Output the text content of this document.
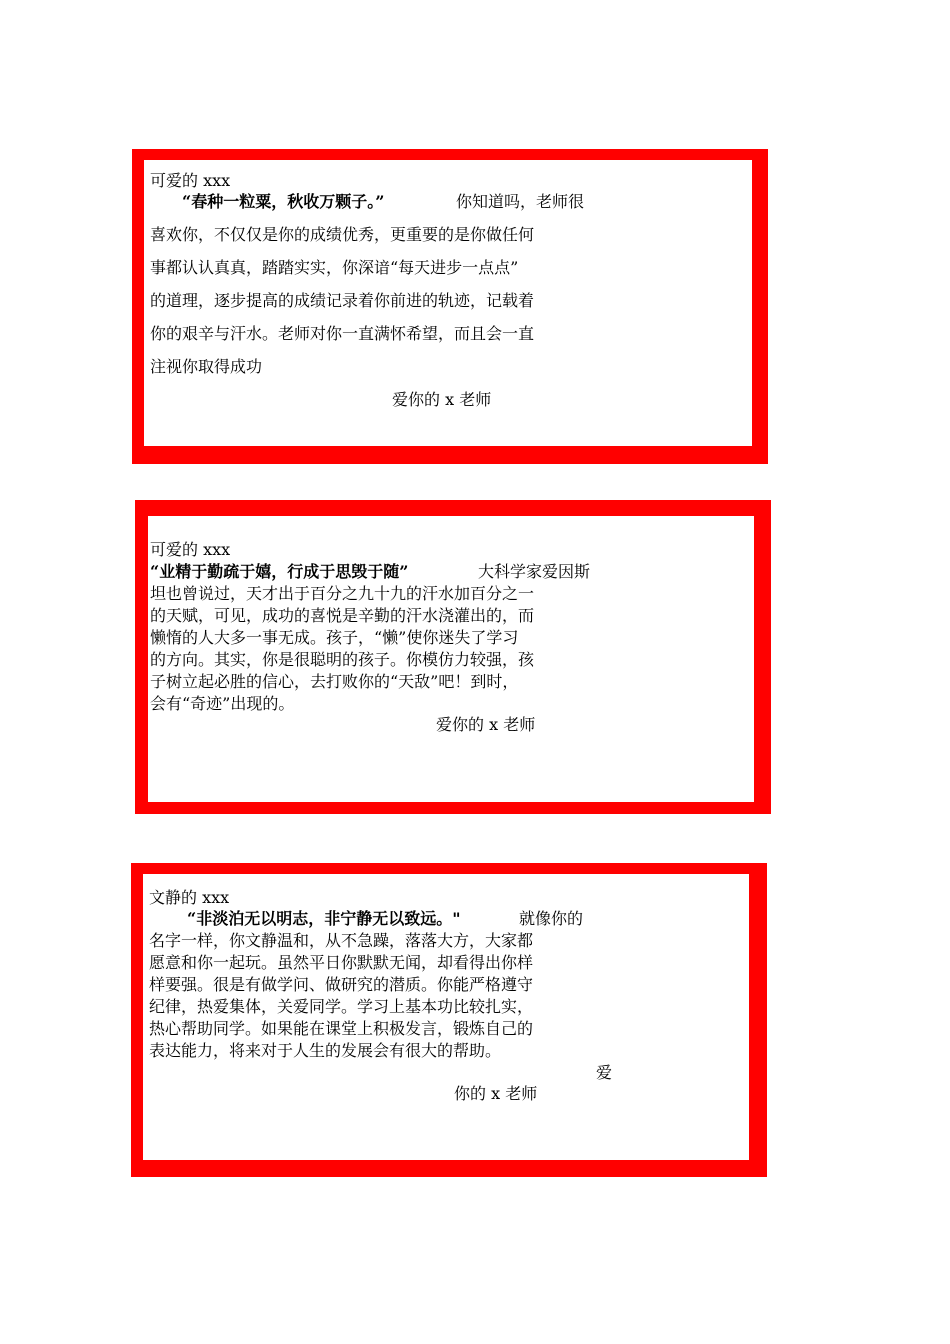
可爱的 xxx
“春种一粒粟，秋收万颗子。”	你知道吗，老师很
喜欢你，不仅仅是你的成绩优秀，更重要的是你做任何
事都认认真真，踏踏实实，你深谙“每天进步一点点”
的道理，逐步提高的成绩记录着你前进的轨迹，记载着
你的艰辛与汗水。老师对你一直满怀希望，而且会一直
注视你取得成功
爱你的 x 老师
可爱的 xxx
“业精于勤疏于嬉，行成于思毁于随”	大科学家爱因斯
坦也曾说过，天才出于百分之九十九的汗水加百分之一
的天赋，可见，成功的喜悦是辛勤的汗水浇灌出的，而
懒惰的人大多一事无成。孩子，“懒”使你迷失了学习
的方向。其实，你是很聪明的孩子。你模仿力较强，孩
子树立起必胜的信心，去打败你的“天敌”吧！到时，
会有“奇迹”出现的。
爱你的 x 老师
文静的 xxx
“非淡泊无以明志，非宁静无以致远。"	就像你的
名字一样，你文静温和，从不急躁，落落大方，大家都
愿意和你一起玩。虽然平日你默默无闻，却看得出你样
样要强。很是有做学问、做研究的潜质。你能严格遵守
纪律，热爱集体，关爱同学。学习上基本功比较扎实，
热心帮助同学。如果能在课堂上积极发言，锻炼自己的
表达能力，将来对于人生的发展会有很大的帮助。
爱
你的 x 老师
